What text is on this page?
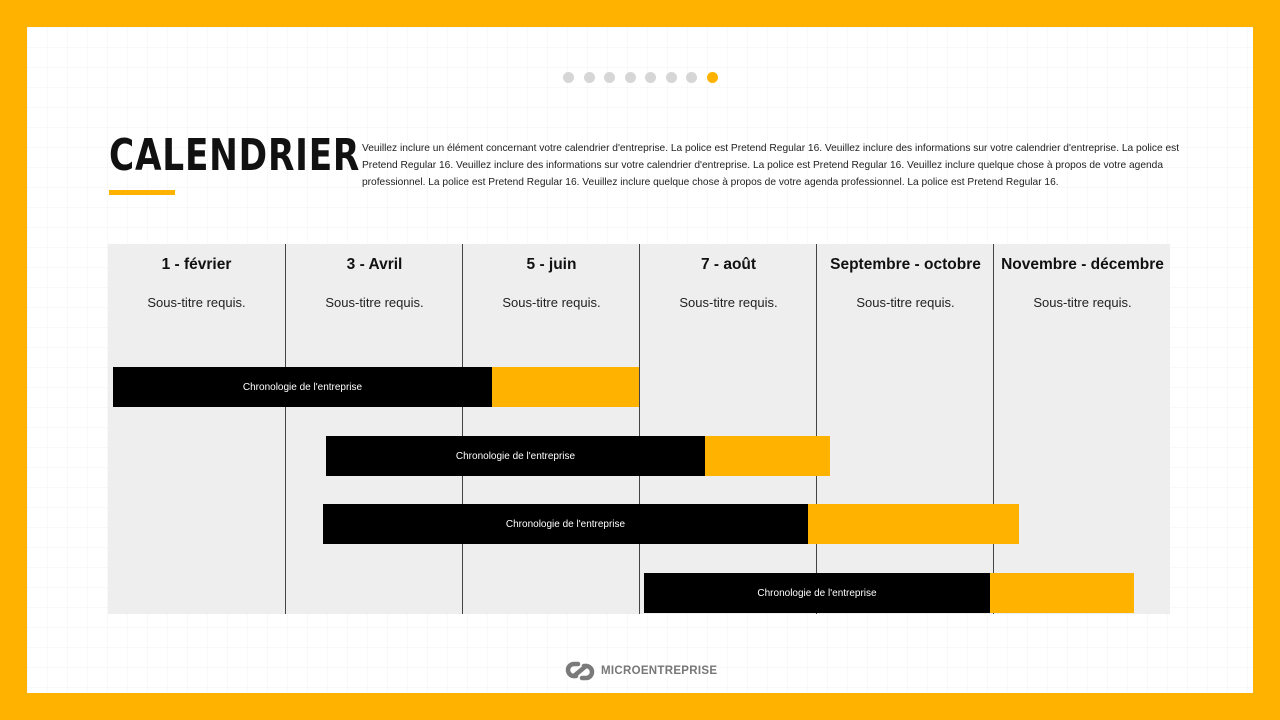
CALENDRIER Veuillez inclure un élément concernant votre calendrier d'entreprise. La police est Pretend Regular 16. Veuillez inclure des informations sur votre calendrier d'entreprise. La police est Pretend Regular 16. Veuillez inclure des informations sur votre calendrier d'entreprise. La police est Pretend Regular 16. Veuillez inclure quelque chose à propos de votre agenda professionnel. La police est Pretend Regular 16. Veuillez inclure quelque chose à propos de votre agenda professionnel. La police est Pretend Regular 16.

1 - février
Sous-titre requis.
3 - Avril
Sous-titre requis.
5 - juin
Sous-titre requis.
7 - août
Sous-titre requis.
Septembre - octobre
Sous-titre requis.
Novembre - décembre
Sous-titre requis.
Chronologie de l'entreprise
Chronologie de l'entreprise
Chronologie de l'entreprise
Chronologie de l'entreprise
MICROENTREPRISE
